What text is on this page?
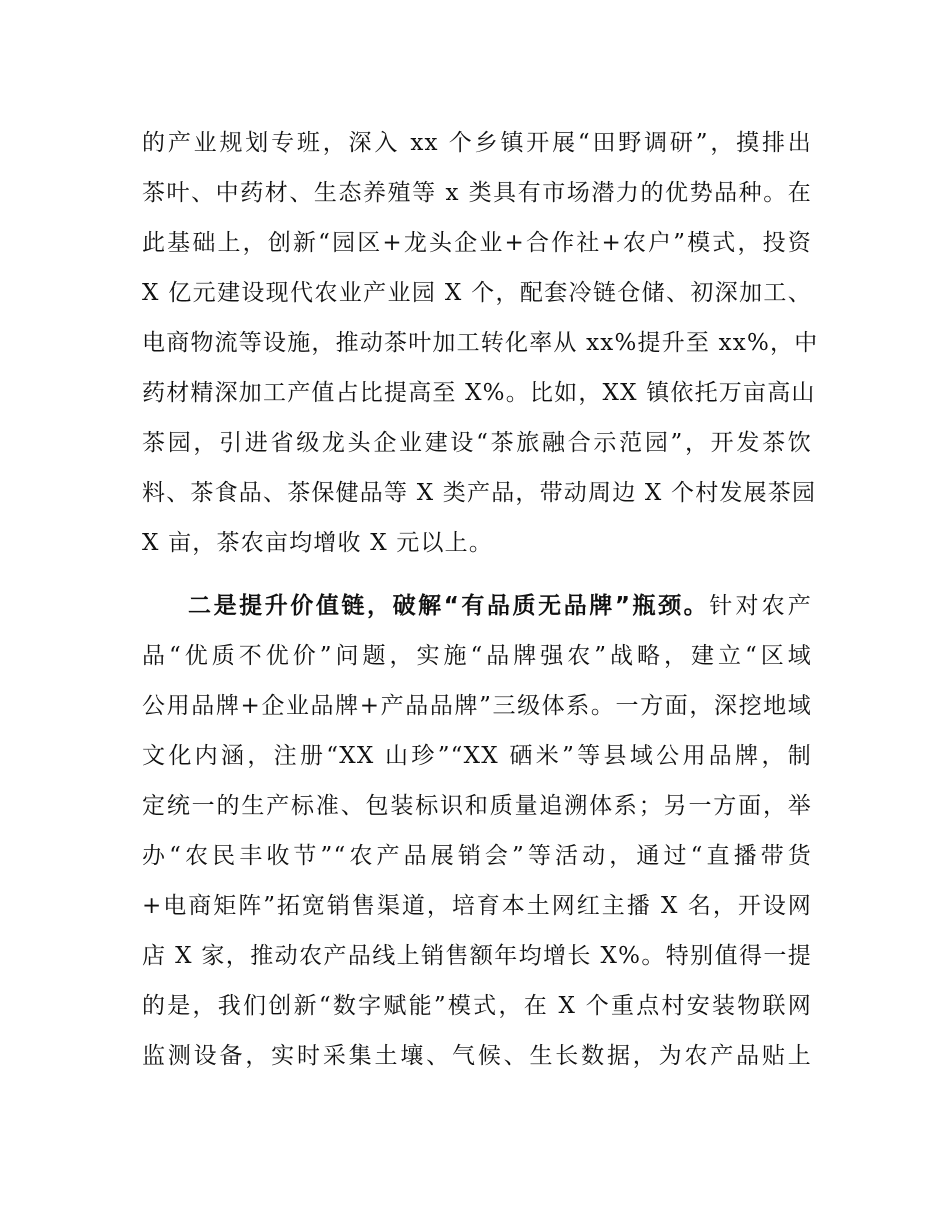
的产业规划专班，深入 xx 个乡镇开展“田野调研”，摸排出
茶叶、中药材、生态养殖等 x 类具有市场潜力的优势品种。在
此基础上，创新“园区+龙头企业+合作社+农户”模式，投资
X 亿元建设现代农业产业园 X 个，配套冷链仓储、初深加工、
电商物流等设施，推动茶叶加工转化率从 xx%提升至 xx%，中
药材精深加工产值占比提高至 X%。比如，XX 镇依托万亩高山
茶园，引进省级龙头企业建设“茶旅融合示范园”，开发茶饮
料、茶食品、茶保健品等 X 类产品，带动周边 X 个村发展茶园
X 亩，茶农亩均增收 X 元以上。
二是提升价值链，破解“有品质无品牌”瓶颈。针对农产
品“优质不优价”问题，实施“品牌强农”战略，建立“区域
公用品牌+企业品牌+产品品牌”三级体系。一方面，深挖地域
文化内涵，注册“XX 山珍”“XX 硒米”等县域公用品牌，制
定统一的生产标准、包装标识和质量追溯体系；另一方面，举
办“农民丰收节”“农产品展销会”等活动，通过“直播带货
+电商矩阵”拓宽销售渠道，培育本土网红主播 X 名，开设网
店 X 家，推动农产品线上销售额年均增长 X%。特别值得一提
的是，我们创新“数字赋能”模式，在 X 个重点村安装物联网
监测设备，实时采集土壤、气候、生长数据，为农产品贴上
